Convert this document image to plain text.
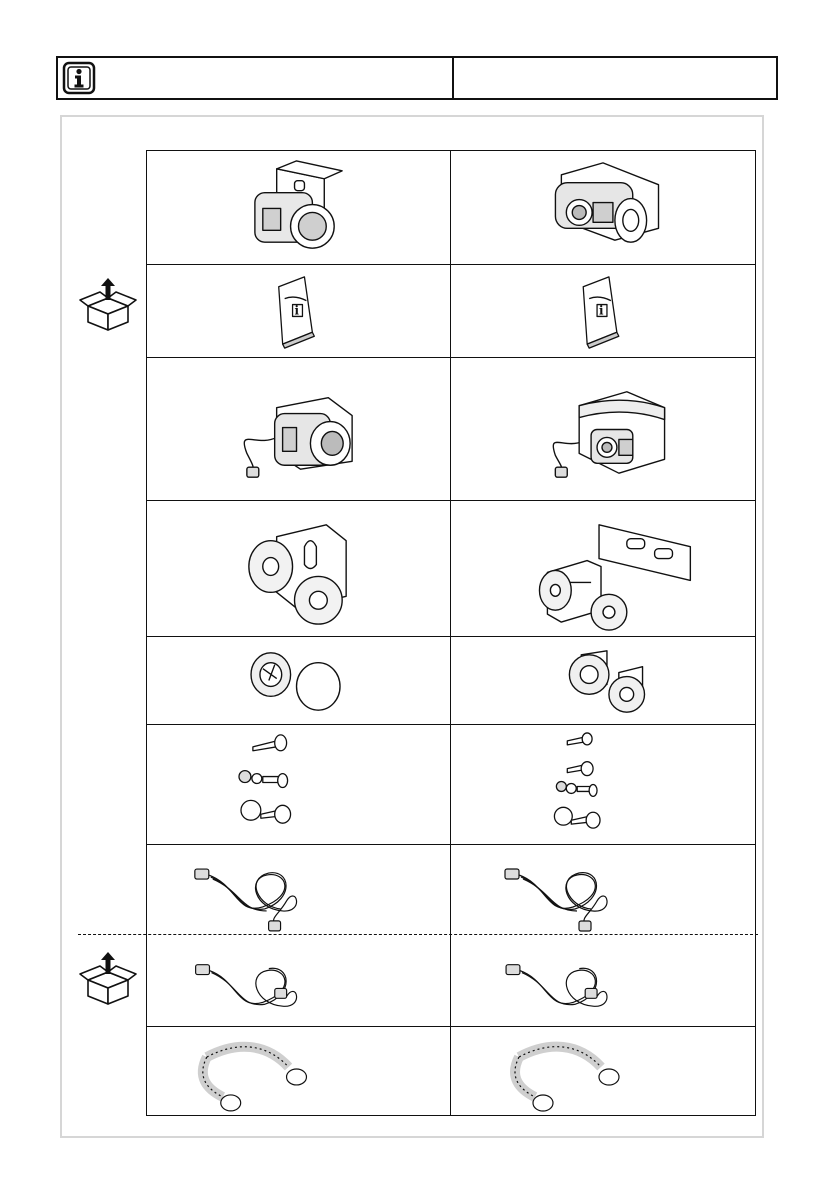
i	i
